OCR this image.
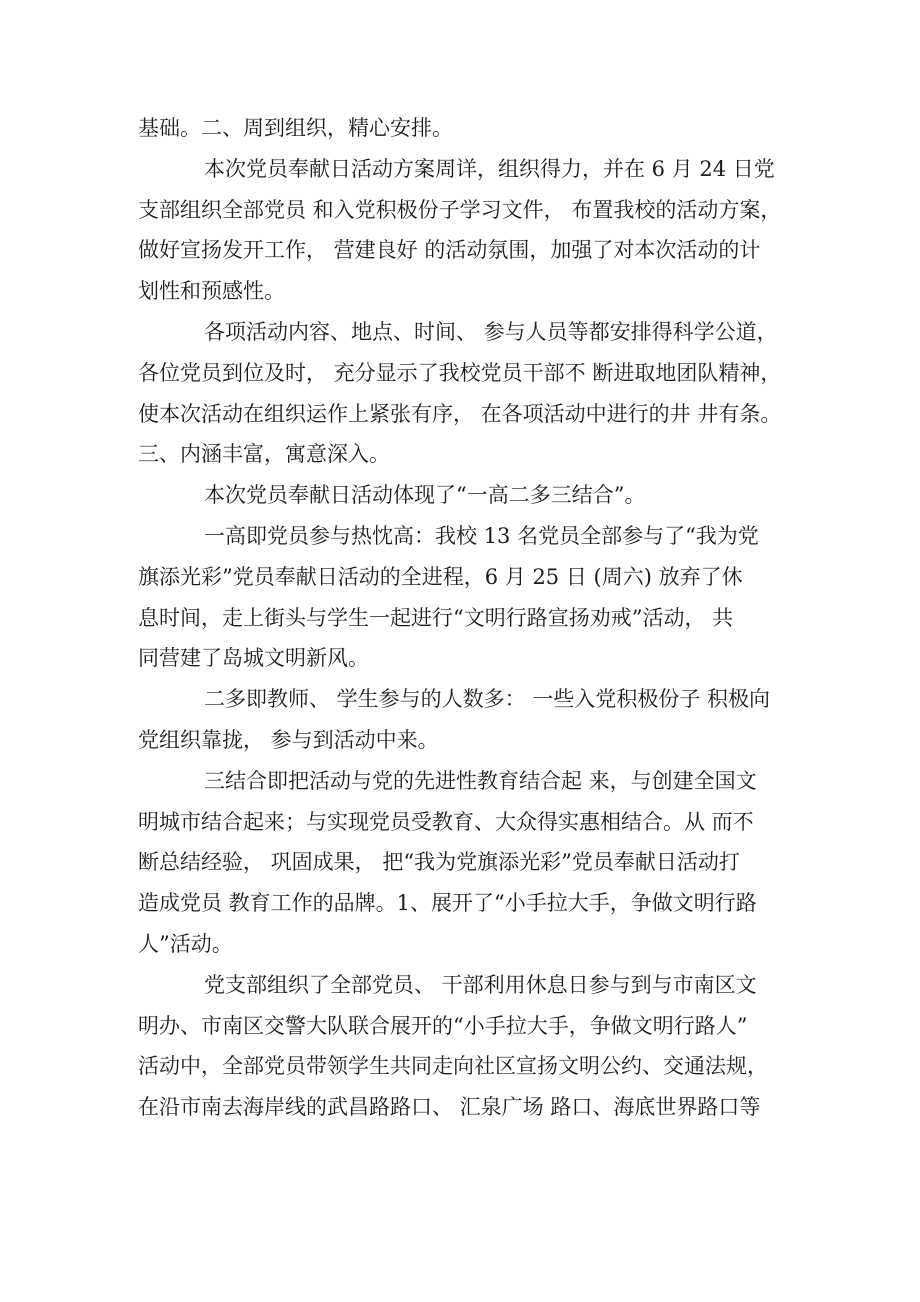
基础。二、周到组织，精心安排。
本次党员奉献日活动方案周详，组织得力，并在 6 月 24 日党
支部组织全部党员 和入党积极份子学习文件， 布置我校的活动方案，
做好宣扬发开工作， 营建良好 的活动氛围，加强了对本次活动的计
划性和预感性。
各项活动内容、地点、时间、 参与人员等都安排得科学公道，
各位党员到位及时， 充分显示了我校党员干部不 断进取地团队精神，
使本次活动在组织运作上紧张有序， 在各项活动中进行的井 井有条。
三、内涵丰富，寓意深入。
本次党员奉献日活动体现了“一高二多三结合”。
一高即党员参与热忱高：我校 13 名党员全部参与了“我为党
旗添光彩”党员奉献日活动的全进程，6 月 25 日 (周六) 放弃了休
息时间，走上街头与学生一起进行“文明行路宣扬劝戒”活动， 共
同营建了岛城文明新风。
二多即教师、 学生参与的人数多： 一些入党积极份子 积极向
党组织靠拢， 参与到活动中来。
三结合即把活动与党的先进性教育结合起 来，与创建全国文
明城市结合起来；与实现党员受教育、大众得实惠相结合。从 而不
断总结经验， 巩固成果， 把“我为党旗添光彩”党员奉献日活动打
造成党员 教育工作的品牌。1、展开了“小手拉大手，争做文明行路
人”活动。
党支部组织了全部党员、 干部利用休息日参与到与市南区文
明办、市南区交警大队联合展开的“小手拉大手，争做文明行路人”
活动中，全部党员带领学生共同走向社区宣扬文明公约、交通法规，
在沿市南去海岸线的武昌路路口、 汇泉广场 路口、海底世界路口等
